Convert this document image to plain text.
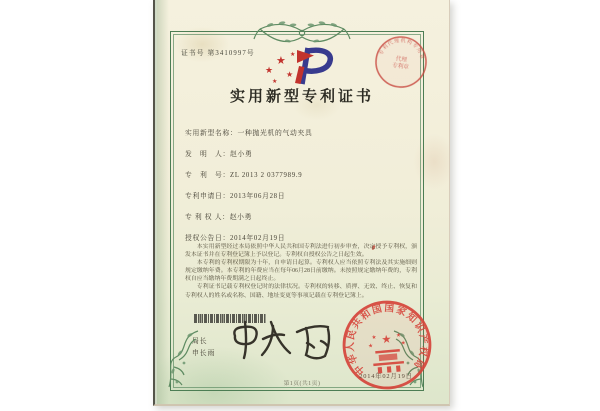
证书号 第3410997号
★
★
★
★
★	专利代理机构专用章
代理
专利章
实用新型专利证书
实用新型名称：一种抛光机的气动夹具
发　明　人：赵小勇
专　利　号：ZL 2013 2 0377989.9
专利申请日：2013年06月28日
专 利 权 人：赵小勇
授权公告日：2014年02月19日

本实用新型经过本局依照中华人民共和国专利法进行初步审查，决定授予专利权，颁发本证书并在专利登记簿上予以登记。专利权自授权公告之日起生效。

本专利的专利权期限为十年，自申请日起算。专利权人应当依照专利法及其实施细则规定缴纳年费。本专利的年费应当在每年06月28日前缴纳。未按照规定缴纳年费的，专利权自应当缴纳年费期满之日起终止。

专利证书记载专利权登记时的法律状况。专利权的转移、质押、无效、终止、恢复和专利权人的姓名或名称、国籍、地址变更等事项记载在专利登记簿上。

局长
申长雨
中华人民共和国国家知识产权局
★
★	★
★	★
2014年02月19日
第1页(共1页)
